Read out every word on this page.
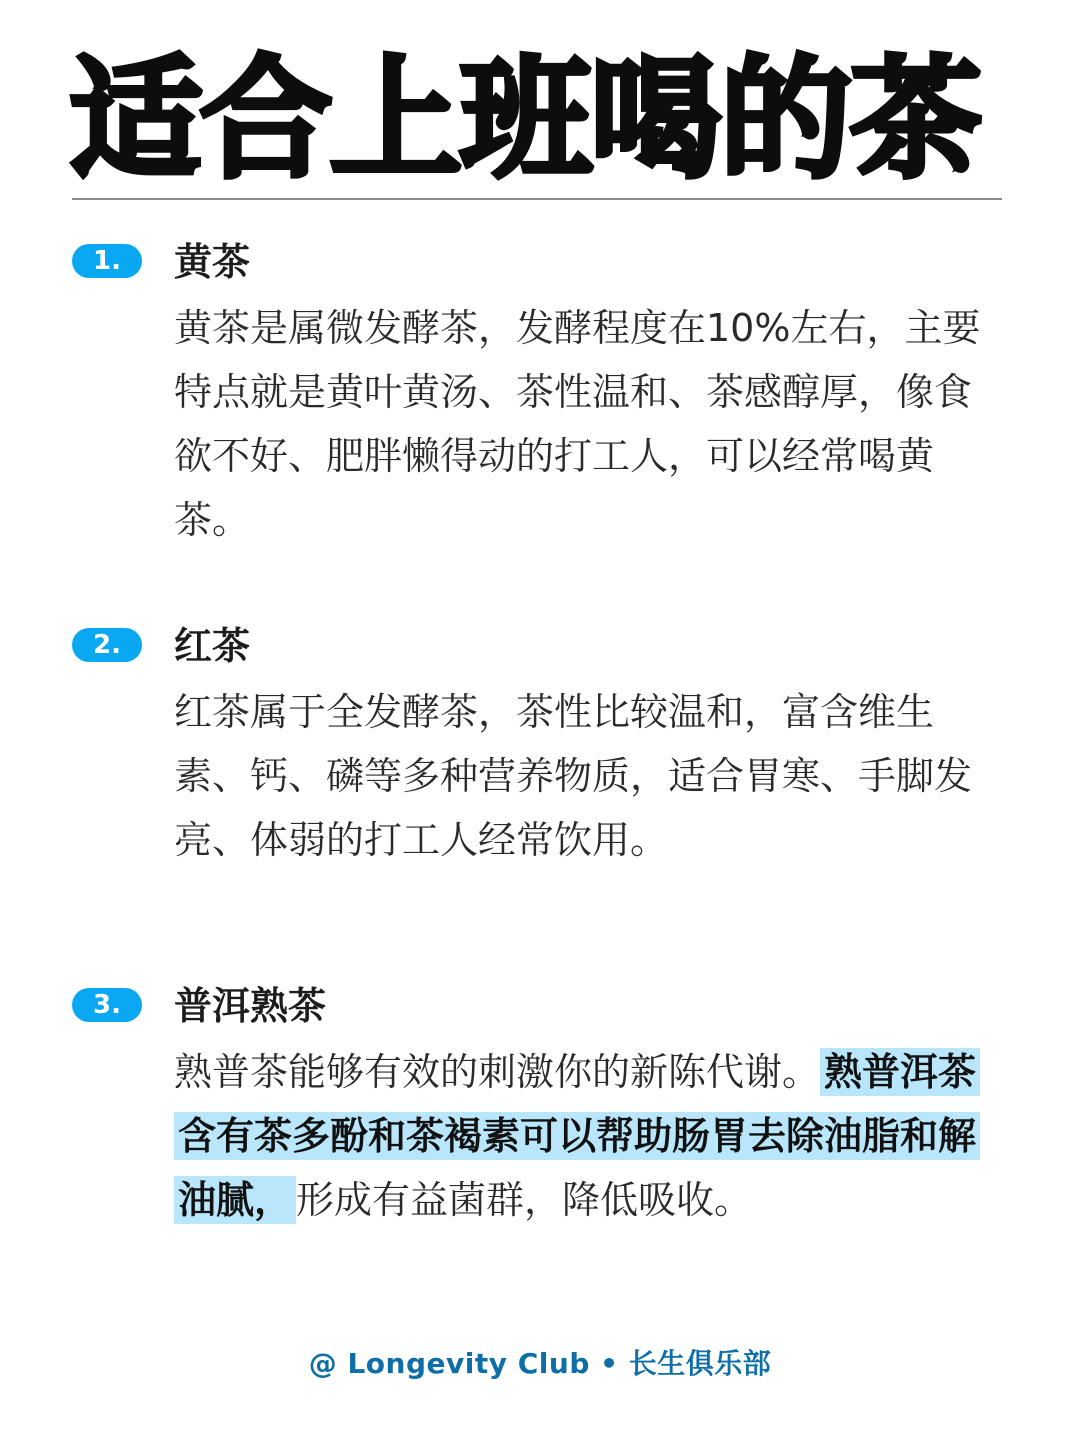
适合上班喝的茶
1.	黄茶

黄茶是属微发酵茶，发酵程度在10%左右，主要特点就是黄叶黄汤、茶性温和、茶感醇厚，像食欲不好、肥胖懒得动的打工人，可以经常喝黄茶。

2.	红茶

红茶属于全发酵茶，茶性比较温和，富含维生素、钙、磷等多种营养物质，适合胃寒、手脚发亮、体弱的打工人经常饮用。

3.	普洱熟茶

熟普茶能够有效的刺激你的新陈代谢。 熟普洱茶含有茶多酚和茶褐素可以帮助肠胃去除油脂和解油腻， 形成有益菌群，降低吸收。

@ Longevity Club • 长生俱乐部
